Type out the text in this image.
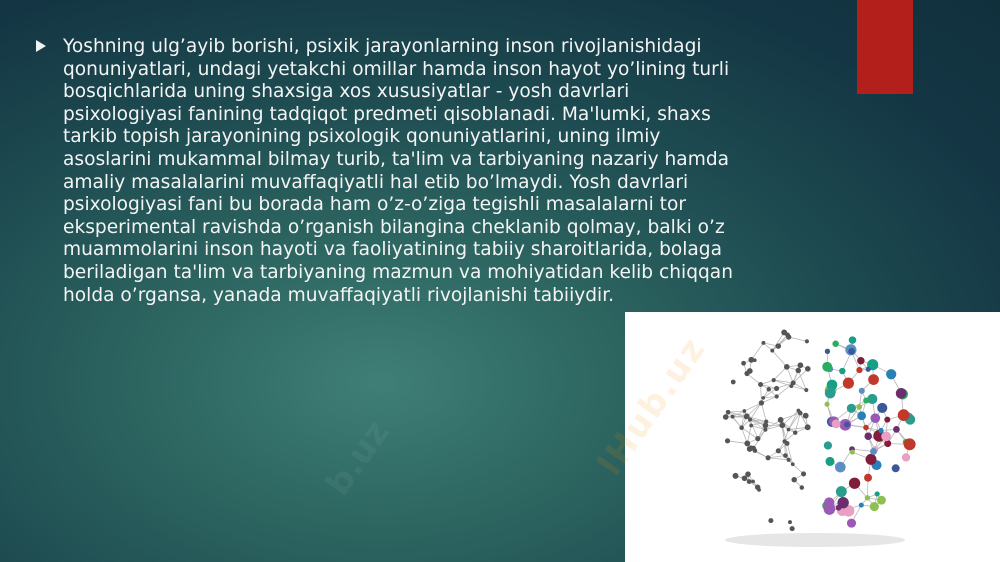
b.uz

Yoshning ulg’ayib borishi, psixik jarayonlarning inson rivojlanishidagi qonuniyatlari, undagi yetakchi omillar hamda inson hayot yo’lining turli bosqichlarida uning shaxsiga xos xususiyatlar - yosh davrlari psixologiyasi fanining tadqiqot predmeti qisoblanadi. Ma'lumki, shaxs tarkib topish jarayonining psixologik qonuniyatlarini, uning ilmiy asoslarini mukammal bilmay turib, ta'lim va tarbiyaning nazariy hamda amaliy masalalarini muvaffaqiyatli hal etib bo’lmaydi. Yosh davrlari psixologiyasi fani bu borada ham o’z-o’ziga tegishli masalalarni tor eksperimental ravishda o’rganish bilangina cheklanib qolmay, balki o’z muammolarini inson hayoti va faoliyatining tabiiy sharoitlarida, bolaga beriladigan ta'lim va tarbiyaning mazmun va mohiyatidan kelib chiqqan holda o’rgansa, yanada muvaffaqiyatli rivojlanishi tabiiydir.

lHub.uz
